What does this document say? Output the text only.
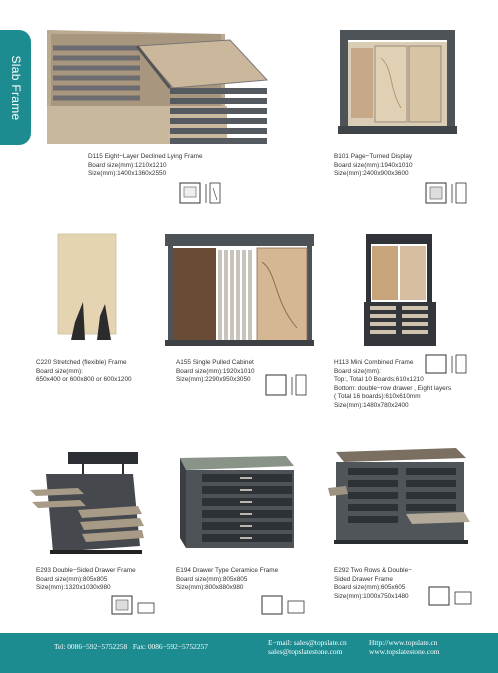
Slab Frame
D115 Eight−Layer Declined Lying Frame
Board size(mm):1210x1210
Size(mm):1400x1360x2550
B101 Page−Turned Display
Board size(mm):1940x1010
Size(mm):2400x900x3600
C220 Stretched (flexible) Frame
Board size(mm):
650x400 or 600x800 or 600x1200
A155 Single Pulled Cabinet
Board size(mm):1920x1010
Size(mm):2290x950x3050
H113 Mini Combined Frame
Board size(mm):
Top:, Total 10 Boards:610x1210
Bottom: double−row drawer , Eight layers
( Total 16 boards):610x610mm
Size(mm):1480x780x2400
E293 Double−Sided Drawer Frame
Board size(mm):805x805
Size(mm):1320x1030x980
E194 Drawer Type Ceramice Frame
Board size(mm):805x805
Size(mm):800x880x980
E292 Two Rows & Double−
Sided Drawer Frame
Board size(mm):605x605
Size(mm):1000x750x1480
Tel: 0086−592−5752258 Fax: 0086−592−5752257	E−mail: sales@topslate.cn
sales@topslatestone.com
Http://www.topslate.cn
www.topslatestone.com
